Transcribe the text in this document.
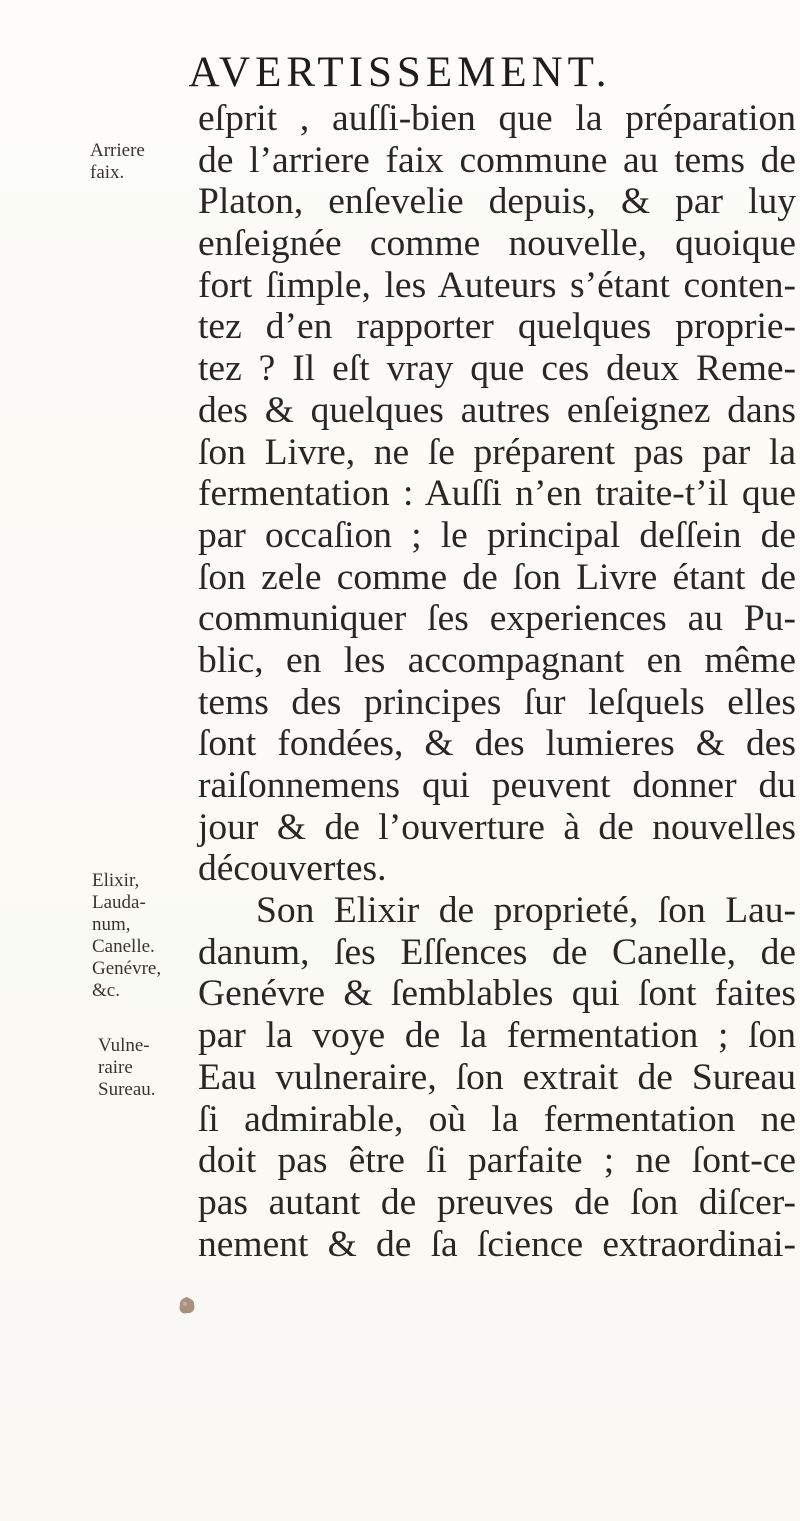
AVERTISSEMENT.
Arriere
faix.
Elixir,
Lauda-
num,
Canelle.
Genévre,
&c.
Vulne-
raire
Sureau.
eſprit , auſſi-bien que la préparation
de l’arriere faix commune au tems de
Platon, enſevelie depuis, & par luy
enſeignée comme nouvelle, quoique
fort ſimple, les Auteurs s’étant conten-
tez d’en rapporter quelques proprie-
tez ? Il eſt vray que ces deux Reme-
des & quelques autres enſeignez dans
ſon Livre, ne ſe préparent pas par la
fermentation : Auſſi n’en traite-t’il que
par occaſion ; le principal deſſein de
ſon zele comme de ſon Livre étant de
communiquer ſes experiences au Pu-
blic, en les accompagnant en même
tems des principes ſur leſquels elles
ſont fondées, & des lumieres & des
raiſonnemens qui peuvent donner du
jour & de l’ouverture à de nouvelles
découvertes.
Son Elixir de proprieté, ſon Lau-
danum, ſes Eſſences de Canelle, de
Genévre & ſemblables qui ſont faites
par la voye de la fermentation ; ſon
Eau vulneraire, ſon extrait de Sureau
ſi admirable, où la fermentation ne
doit pas être ſi parfaite ; ne ſont-ce
pas autant de preuves de ſon diſcer-
nement & de ſa ſcience extraordinai-
